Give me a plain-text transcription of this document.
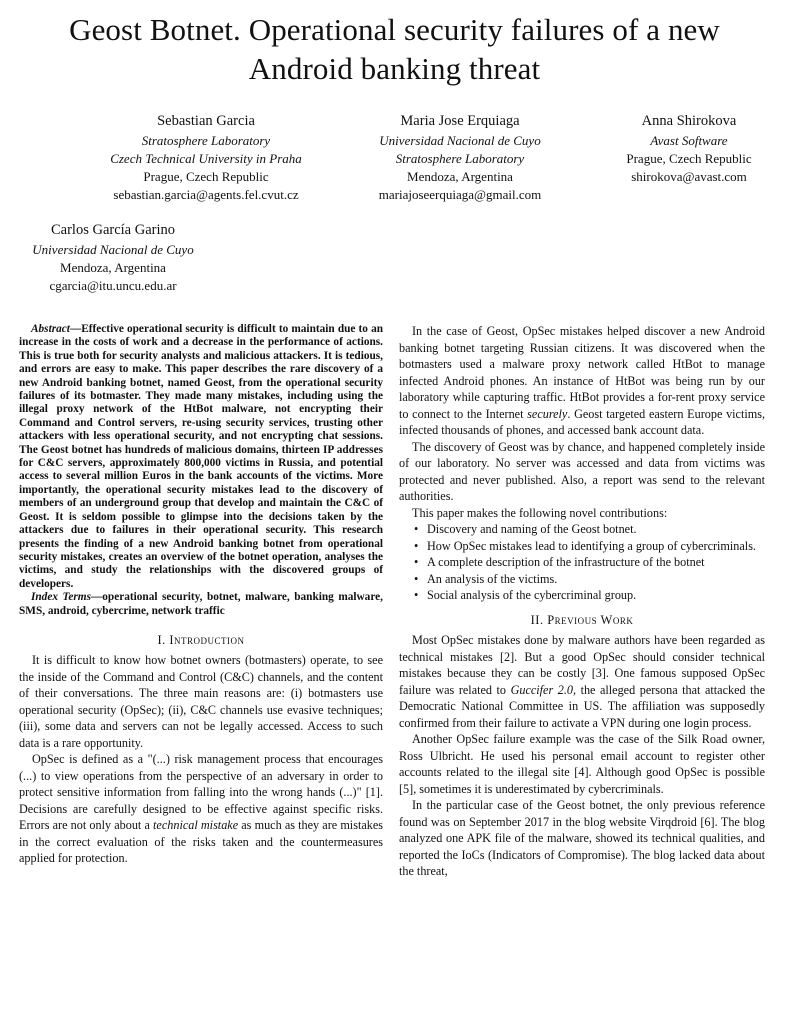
Geost Botnet. Operational security failures of a new
Android banking threat
Sebastian Garcia
Stratosphere Laboratory
Czech Technical University in Praha
Prague, Czech Republic
sebastian.garcia@agents.fel.cvut.cz
Maria Jose Erquiaga
Universidad Nacional de Cuyo
Stratosphere Laboratory
Mendoza, Argentina
mariajoseerquiaga@gmail.com
Anna Shirokova
Avast Software
Prague, Czech Republic
shirokova@avast.com
Carlos García Garino
Universidad Nacional de Cuyo
Mendoza, Argentina
cgarcia@itu.uncu.edu.ar

Abstract—Effective operational security is difficult to maintain due to an increase in the costs of work and a decrease in the performance of actions. This is true both for security analysts and malicious attackers. It is tedious, and errors are easy to make. This paper describes the rare discovery of a new Android banking botnet, named Geost, from the operational security failures of its botmaster. They made many mistakes, including using the illegal proxy network of the HtBot malware, not encrypting their Command and Control servers, re-using security services, trusting other attackers with less operational security, and not encrypting chat sessions. The Geost botnet has hundreds of malicious domains, thirteen IP addresses for C&C servers, approximately 800,000 victims in Russia, and potential access to several million Euros in the bank accounts of the victims. More importantly, the operational security mistakes lead to the discovery of members of an underground group that develop and maintain the C&C of Geost. It is seldom possible to glimpse into the decisions taken by the attackers due to failures in their operational security. This research presents the finding of a new Android banking botnet from operational security mistakes, creates an overview of the botnet operation, analyses the victims, and study the relationships with the discovered groups of developers.

Index Terms—operational security, botnet, malware, banking malware, SMS, android, cybercrime, network traffic

I. Introduction

It is difficult to know how botnet owners (botmasters) operate, to see the inside of the Command and Control (C&C) channels, and the content of their conversations. The three main reasons are: (i) botmasters use operational security (OpSec); (ii), C&C channels use evasive techniques; (iii), some data and servers can not be legally accessed. Access to such data is a rare opportunity.

OpSec is defined as a "(...) risk management process that encourages (...) to view operations from the perspective of an adversary in order to protect sensitive information from falling into the wrong hands (...)" [1]. Decisions are carefully designed to be effective against specific risks. Errors are not only about a technical mistake as much as they are mistakes in the correct evaluation of the risks taken and the countermeasures applied for protection.

In the case of Geost, OpSec mistakes helped discover a new Android banking botnet targeting Russian citizens. It was discovered when the botmasters used a malware proxy network called HtBot to manage infected Android phones. An instance of HtBot was being run by our laboratory while capturing traffic. HtBot provides a for-rent proxy service to connect to the Internet securely. Geost targeted eastern Europe victims, infected thousands of phones, and accessed bank account data.

The discovery of Geost was by chance, and happened completely inside of our laboratory. No server was accessed and data from victims was protected and never published. Also, a report was send to the relevant authorities.

This paper makes the following novel contributions:

• Discovery and naming of the Geost botnet.
• How OpSec mistakes lead to identifying a group of cybercriminals.
• A complete description of the infrastructure of the botnet
• An analysis of the victims.
• Social analysis of the cybercriminal group.
II. Previous Work

Most OpSec mistakes done by malware authors have been regarded as technical mistakes [2]. But a good OpSec should consider technical mistakes because they can be costly [3]. One famous supposed OpSec failure was related to Guccifer 2.0, the alleged persona that attacked the Democratic National Committee in US. The affiliation was supposedly confirmed from their failure to activate a VPN during one login process.

Another OpSec failure example was the case of the Silk Road owner, Ross Ulbricht. He used his personal email account to register other accounts related to the illegal site [4]. Although good OpSec is possible [5], sometimes it is underestimated by cybercriminals.

In the particular case of the Geost botnet, the only previous reference found was on September 2017 in the blog website Virqdroid [6]. The blog analyzed one APK file of the malware, showed its technical qualities, and reported the IoCs (Indicators of Compromise). The blog lacked data about the threat,
